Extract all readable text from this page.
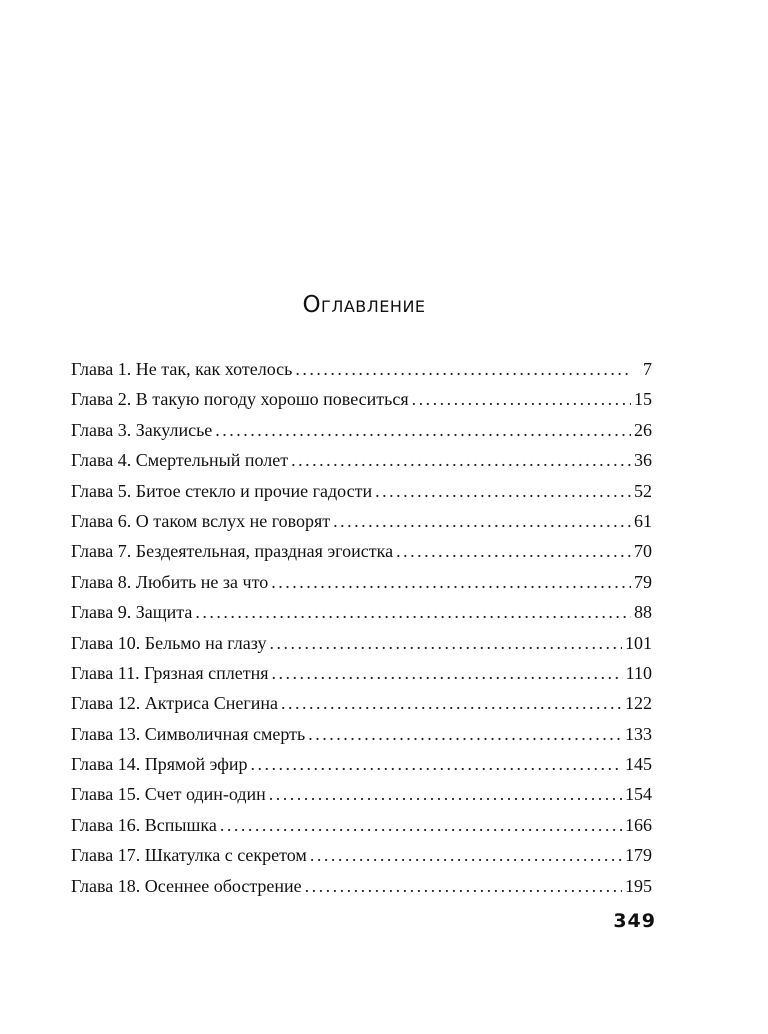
Оглавление
Глава 1. Не так, как хотелось . . .	7
Глава 2. В такую погоду хорошо повеситься . . .	15
Глава 3. Закулисье . . .	26
Глава 4. Смертельный полет . . .	36
Глава 5. Битое стекло и прочие гадости . . .	52
Глава 6. О таком вслух не говорят . . .	61
Глава 7. Бездеятельная, праздная эгоистка . . .	70
Глава 8. Любить не за что . . .	79
Глава 9. Защита . . .	88
Глава 10. Бельмо на глазу . . .	101
Глава 11. Грязная сплетня . . .	110
Глава 12. Актриса Снегина . . .	122
Глава 13. Символичная смерть . . .	133
Глава 14. Прямой эфир . . .	145
Глава 15. Счет один-один . . .	154
Глава 16. Вспышка . . .	166
Глава 17. Шкатулка с секретом . . .	179
Глава 18. Осеннее обострение . . .	195
349
